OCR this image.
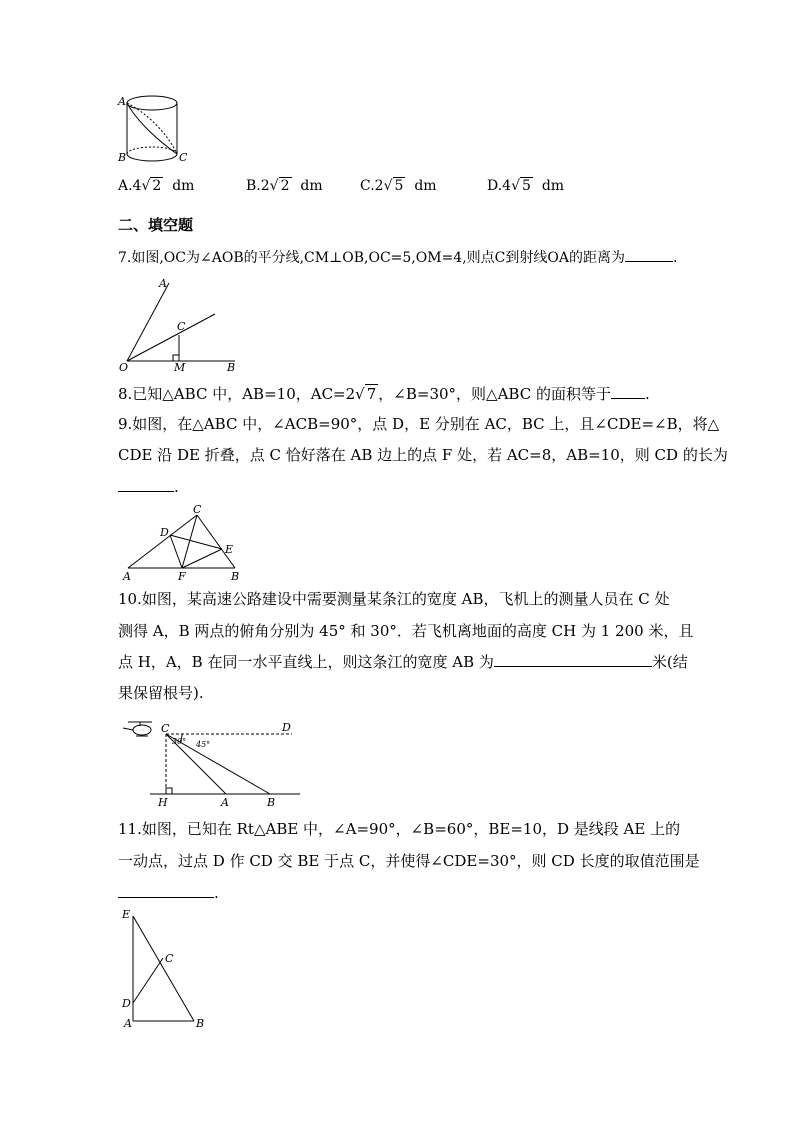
A
B	C
A.4√ 2 dm	B.2√ 2 dm	C.2√ 5 dm	D.4√ 5 dm
二、填空题
7.如图,OC为∠AOB的平分线,CM⊥OB,OC=5,OM=4,则点C到射线OA的距离为	.
A
C
O	M	B
8.已知△ABC 中，AB=10，AC=2√ 7 ，∠B=30°，则△ABC 的面积等于 .
9.如图，在△ABC 中，∠ACB=90°，点 D，E 分别在 AC，BC 上，且∠CDE=∠B，将△
CDE 沿 DE 折叠，点 C 恰好落在 AB 边上的点 F 处，若 AC=8，AB=10，则 CD 的长为
.
C
D
E
A	F	B
10.如图，某高速公路建设中需要测量某条江的宽度 AB，飞机上的测量人员在 C 处
测得 A，B 两点的俯角分别为 45° 和 30°．若飞机离地面的高度 CH 为 1 200 米，且
点 H，A，B 在同一水平直线上，则这条江的宽度 AB 为	米(结
果保留根号).
C	D
30° 45°
H	A	B
11.如图，已知在 Rt△ABE 中，∠A=90°，∠B=60°，BE=10，D 是线段 AE 上的
一动点，过点 D 作 CD 交 BE 于点 C，并使得∠CDE=30°，则 CD 长度的取值范围是
.
E
C
D
A	B
